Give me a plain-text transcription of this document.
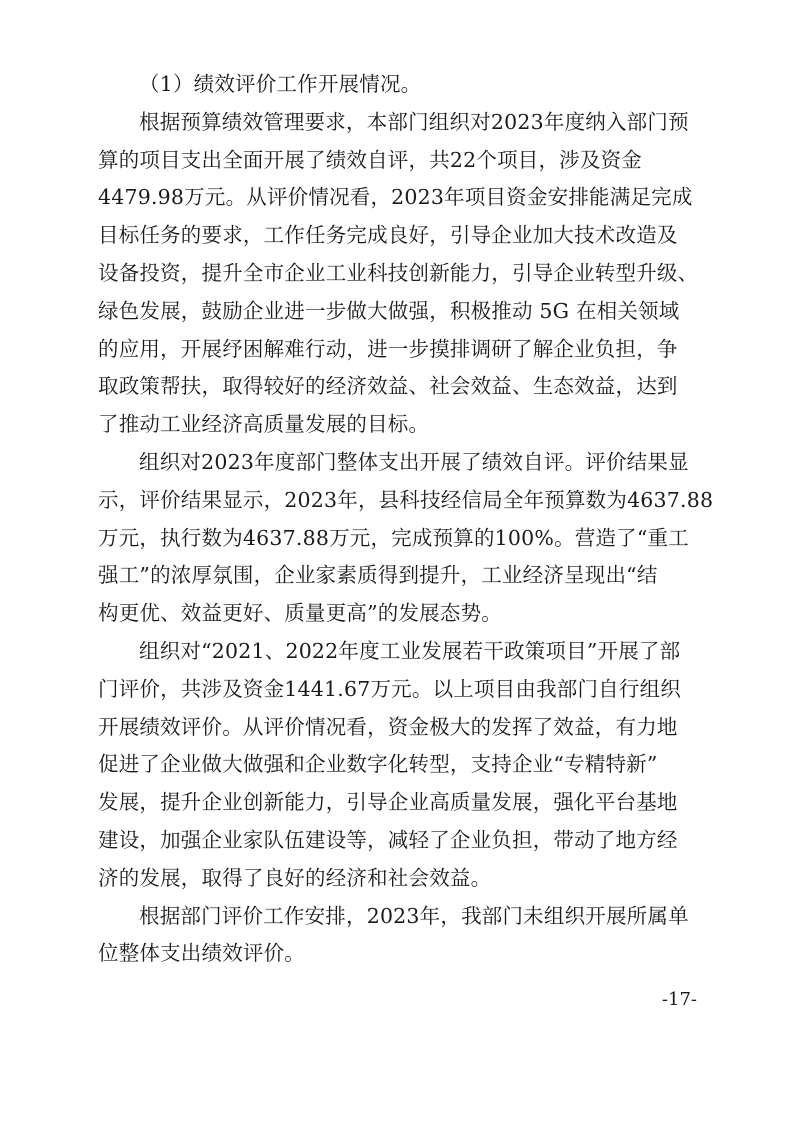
（1）绩效评价工作开展情况。
根据预算绩效管理要求，本部门组织对2023年度纳入部门预
算的项目支出全面开展了绩效自评，共22个项目，涉及资金
4479.98万元。从评价情况看，2023年项目资金安排能满足完成
目标任务的要求，工作任务完成良好，引导企业加大技术改造及
设备投资，提升全市企业工业科技创新能力，引导企业转型升级、
绿色发展，鼓励企业进一步做大做强，积极推动 5G 在相关领域
的应用，开展纾困解难行动，进一步摸排调研了解企业负担，争
取政策帮扶，取得较好的经济效益、社会效益、生态效益，达到
了推动工业经济高质量发展的目标。
组织对2023年度部门整体支出开展了绩效自评。评价结果显
示，评价结果显示，2023年，县科技经信局全年预算数为4637.88
万元，执行数为4637.88万元，完成预算的100%。营造了“重工
强工”的浓厚氛围，企业家素质得到提升，工业经济呈现出“结
构更优、效益更好、质量更高”的发展态势。
组织对“2021、2022年度工业发展若干政策项目”开展了部
门评价，共涉及资金1441.67万元。以上项目由我部门自行组织
开展绩效评价。从评价情况看，资金极大的发挥了效益，有力地
促进了企业做大做强和企业数字化转型，支持企业“专精特新”
发展，提升企业创新能力，引导企业高质量发展，强化平台基地
建设，加强企业家队伍建设等，减轻了企业负担，带动了地方经
济的发展，取得了良好的经济和社会效益。
根据部门评价工作安排，2023年，我部门未组织开展所属单
位整体支出绩效评价。
-17-
